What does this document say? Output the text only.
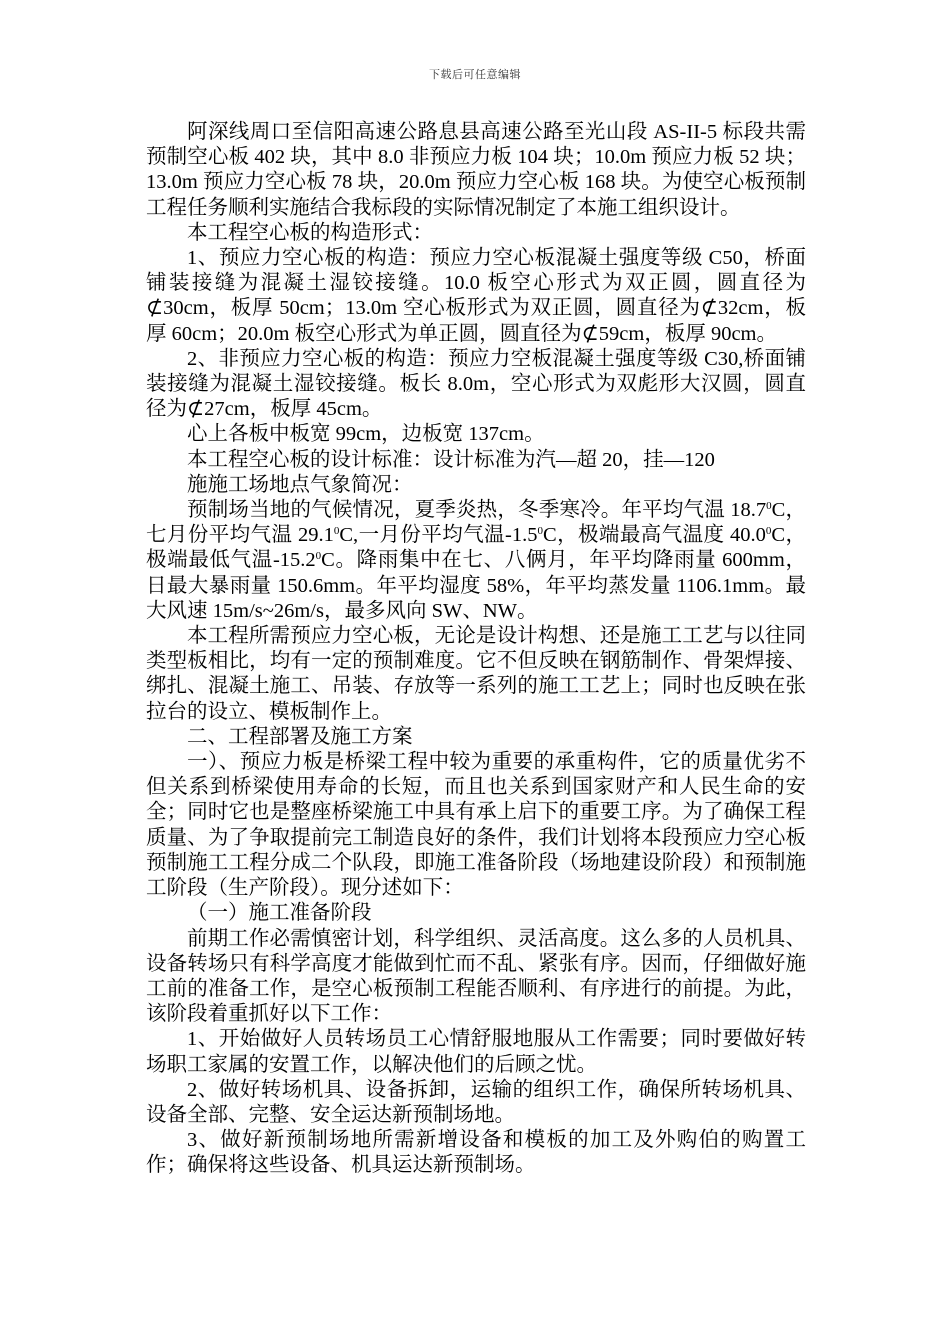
下载后可任意编辑

阿深线周口至信阳高速公路息县高速公路至光山段 AS-II-5 标段共需预制空心板 402 块，其中 8.0 非预应力板 104 块；10.0m 预应力板 52 块；13.0m 预应力空心板 78 块，20.0m 预应力空心板 168 块。为使空心板预制工程任务顺利实施结合我标段的实际情况制定了本施工组织设计。

本工程空心板的构造形式：

1、预应力空心板的构造：预应力空心板混凝土强度等级 C50，桥面铺装接缝为混凝土湿铰接缝。10.0 板空心形式为双正圆，圆直径为⊄30cm，板厚 50cm；13.0m 空心板形式为双正圆，圆直径为⊄32cm，板厚 60cm；20.0m 板空心形式为单正圆，圆直径为⊄59cm，板厚 90cm。

2、非预应力空心板的构造：预应力空板混凝土强度等级 C30,桥面铺装接缝为混凝土湿铰接缝。板长 8.0m，空心形式为双彪形大汉圆，圆直径为⊄27cm，板厚 45cm。

心上各板中板宽 99cm，边板宽 137cm。

本工程空心板的设计标准：设计标准为汽—超 20，挂—120

施施工场地点气象简况：

预制场当地的气候情况，夏季炎热，冬季寒冷。年平均气温 18.7$^0$C，七月份平均气温 29.1$^0$C,一月份平均气温$-1.5^0C$，极端最高气温度 40.0$^0$C，极端最低气温-15.2$^0$C。降雨集中在七、八俩月，年平均降雨量 600mm，日最大暴雨量 150.6mm。年平均湿度 58%，年平均蒸发量 1106.1mm。最大风速 15m/s~26m/s，最多风向 SW、NW。

本工程所需预应力空心板，无论是设计构想、还是施工工艺与以往同类型板相比，均有一定的预制难度。它不但反映在钢筋制作、骨架焊接、绑扎、混凝土施工、吊装、存放等一系列的施工工艺上；同时也反映在张拉台的设立、模板制作上。

二、工程部署及施工方案

一）、预应力板是桥梁工程中较为重要的承重构件，它的质量优劣不但关系到桥梁使用寿命的长短，而且也关系到国家财产和人民生命的安全；同时它也是整座桥梁施工中具有承上启下的重要工序。为了确保工程质量、为了争取提前完工制造良好的条件，我们计划将本段预应力空心板预制施工工程分成二个队段，即施工准备阶段（场地建设阶段）和预制施工阶段（生产阶段）。现分述如下：

（一）施工准备阶段

前期工作必需慎密计划，科学组织、灵活高度。这么多的人员机具、设备转场只有科学高度才能做到忙而不乱、紧张有序。因而，仔细做好施工前的准备工作，是空心板预制工程能否顺利、有序进行的前提。为此，该阶段着重抓好以下工作：

1、开始做好人员转场员工心情舒服地服从工作需要；同时要做好转场职工家属的安置工作，以解决他们的后顾之忧。

2、做好转场机具、设备拆卸，运输的组织工作，确保所转场机具、设备全部、完整、安全运达新预制场地。

3、做好新预制场地所需新增设备和模板的加工及外购伯的购置工作；确保将这些设备、机具运达新预制场。
